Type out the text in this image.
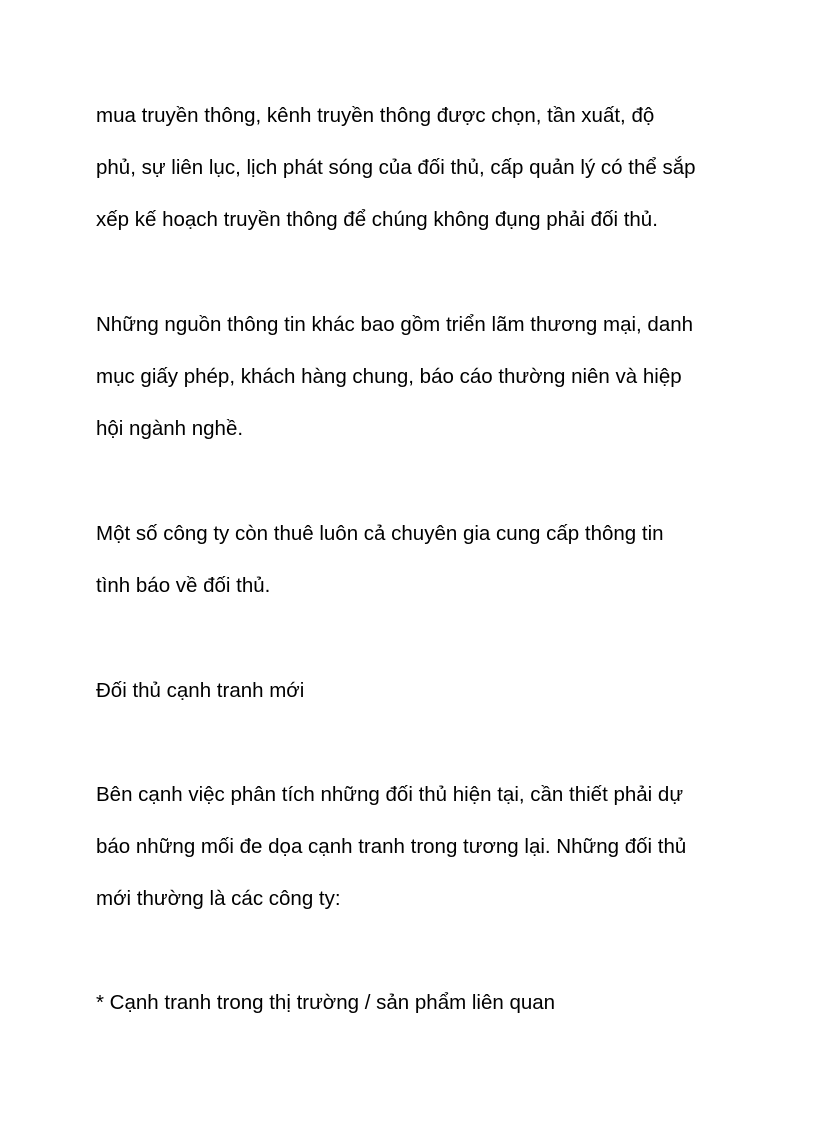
mua truyền thông, kênh truyền thông được chọn, tần xuất, độ

phủ, sự liên lục, lịch phát sóng của đối thủ, cấp quản lý có thể sắp

xếp kế hoạch truyền thông để chúng không đụng phải đối thủ.

Những nguồn thông tin khác bao gồm triển lãm thương mại, danh

mục giấy phép, khách hàng chung, báo cáo thường niên và hiệp

hội ngành nghề.

Một số công ty còn thuê luôn cả chuyên gia cung cấp thông tin

tình báo về đối thủ.

Đối thủ cạnh tranh mới

Bên cạnh việc phân tích những đối thủ hiện tại, cần thiết phải dự

báo những mối đe dọa cạnh tranh trong tương lại. Những đối thủ

mới thường là các công ty:

* Cạnh tranh trong thị trường / sản phẩm liên quan
